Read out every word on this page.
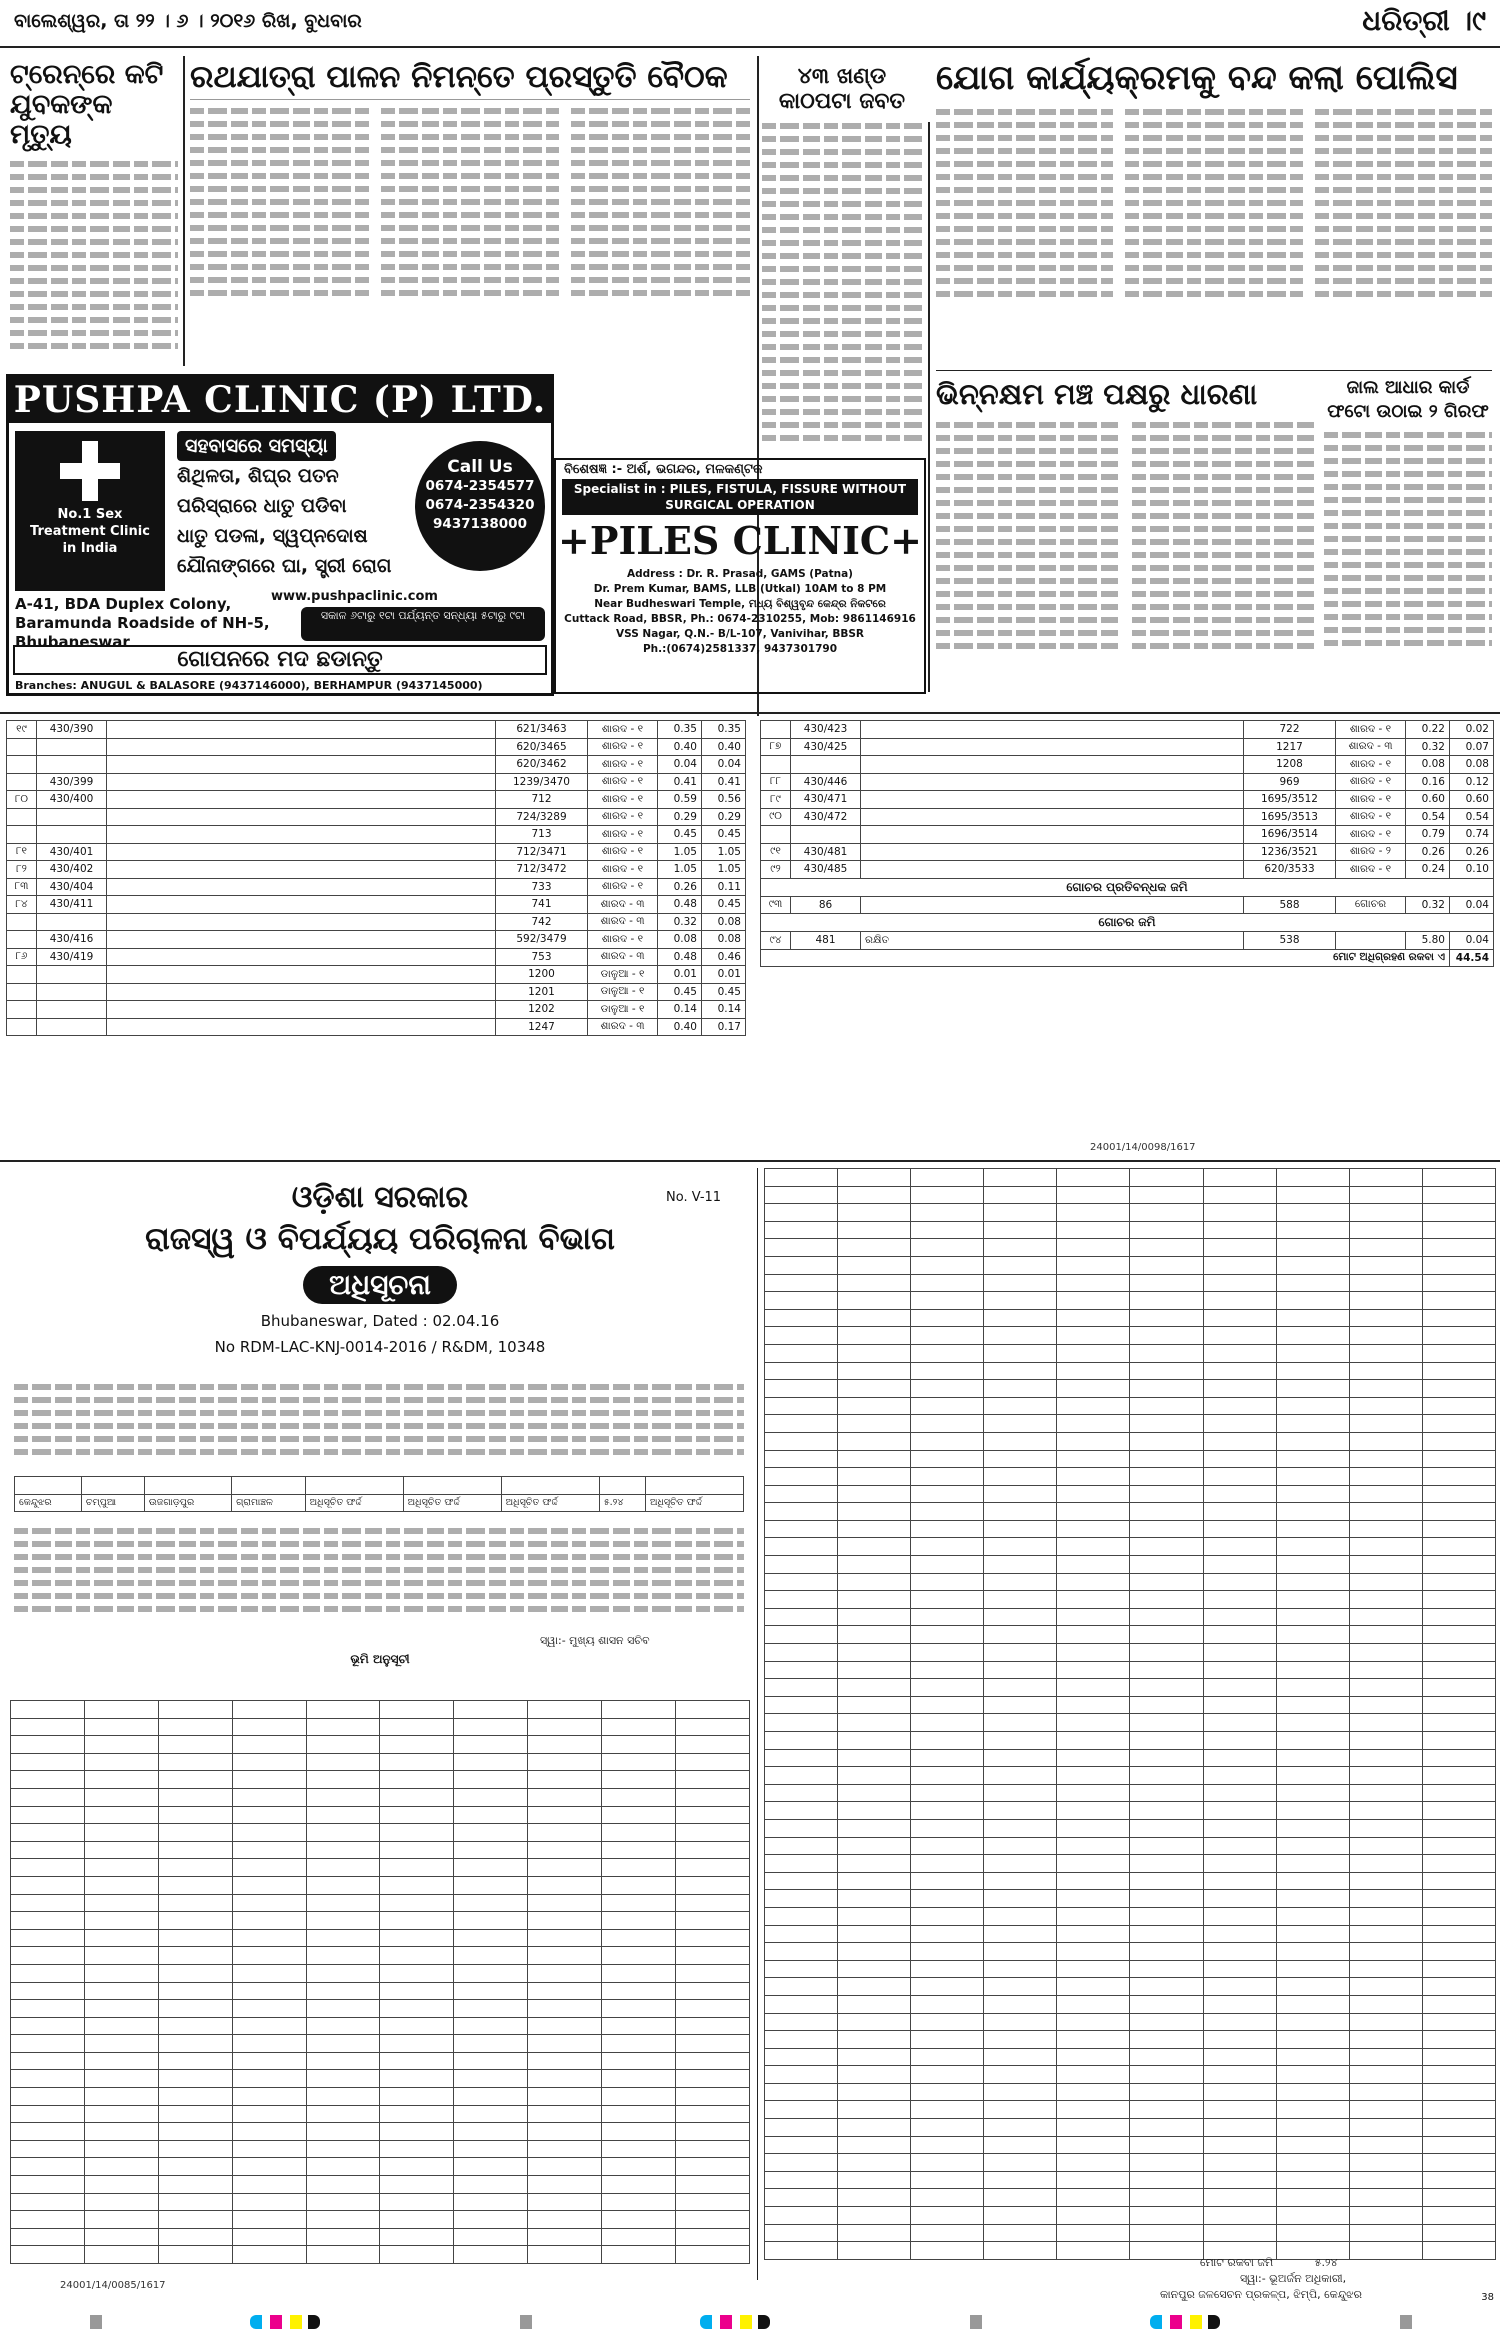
ବାଲେଶ୍ୱର, ତା ୨୨ । ୬ । ୨୦୧୬ ରିଖ, ବୁଧବାର	ଧରିତ୍ରୀ ।୯
ଟ୍ରେନ୍‌ରେ କଟି ଯୁବକଙ୍କ ମୃତ୍ୟୁ
ରଥଯାତ୍ରା ପାଳନ ନିମନ୍ତେ ପ୍ରସ୍ତୁତି ବୈଠକ	୪୩ ଖଣ୍ଡ
କାଠପଟା ଜବତ
ଯୋଗ କାର୍ଯ୍ୟକ୍ରମକୁ ବନ୍ଦ କଲା ପୋଲିସ
ଭିନ୍ନକ୍ଷମ ମଞ୍ଚ ପକ୍ଷରୁ ଧାରଣା	ଜାଲ ଆଧାର କାର୍ଡ
ଫଟୋ ଉଠାଇ ୨ ଗିରଫ
PUSHPA CLINIC (P) LTD.
No.1 Sex Treatment Clinic in India
ସହବାସରେ ସମସ୍ୟା
ଶିଥିଳତା, ଶିଘ୍ର ପତନ
ପରିସ୍ରାରେ ଧାତୁ ପଡିବା
ଧାତୁ ପଡଳା, ସ୍ୱପ୍ନଦୋଷ
ଯୌନାଙ୍ଗରେ ଘା, ସ୍ତ୍ରୀ ରୋଗ
Call Us
0674-2354577
0674-2354320
9437138000
www.pushpaclinic.com
A-41, BDA Duplex Colony, Baramunda Roadside of NH-5, Bhubaneswar
ସକାଳ ୬ଟାରୁ ୧ଟା ପର୍ଯ୍ୟନ୍ତ ସନ୍ଧ୍ୟା ୫ଟାରୁ ୯ଟା
ଗୋପନରେ ମଦ ଛଡାନ୍ତୁ
Branches: ANUGUL & BALASORE (9437146000), BERHAMPUR (9437145000)
ବିଶେଷଜ୍ଞ :- ଅର୍ଶ, ଭଗନ୍ଦର, ମଳକଣ୍ଟକ
Specialist in : PILES, FISTULA, FISSURE WITHOUT SURGICAL OPERATION
+PILES CLINIC+
Address : Dr. R. Prasad, GAMS (Patna)
Dr. Prem Kumar, BAMS, LLB (Utkal) 10AM to 8 PM
Near Budheswari Temple, ମଧ୍ୟ ବିଶ୍ୱବୃନ୍ଦ କେନ୍ଦ୍ର ନିକଟରେ
Cuttack Road, BBSR, Ph.: 0674-2310255, Mob: 9861146916
VSS Nagar, Q.N.- B/L-107, Vanivihar, BBSR
Ph.:(0674)2581337, 9437301790
୧୯	430/390		621/3463	ଶାରଦ - ୧	0.35	0.35
			620/3465	ଶାରଦ - ୧	0.40	0.40
			620/3462	ଶାରଦ - ୧	0.04	0.04
	430/399		1239/3470	ଶାରଦ - ୧	0.41	0.41
୮୦	430/400		712	ଶାରଦ - ୧	0.59	0.56
			724/3289	ଶାରଦ - ୧	0.29	0.29
			713	ଶାରଦ - ୧	0.45	0.45
୮୧	430/401		712/3471	ଶାରଦ - ୧	1.05	1.05
୮୨	430/402		712/3472	ଶାରଦ - ୧	1.05	1.05
୮୩	430/404		733	ଶାରଦ - ୧	0.26	0.11
୮୪	430/411		741	ଶାରଦ - ୩	0.48	0.45
			742	ଶାରଦ - ୩	0.32	0.08
	430/416		592/3479	ଶାରଦ - ୧	0.08	0.08
୮୬	430/419		753	ଶାରଦ - ୩	0.48	0.46
			1200	ଡାଳୁଆ - ୧	0.01	0.01
			1201	ଡାଳୁଆ - ୧	0.45	0.45
			1202	ଡାଳୁଆ - ୧	0.14	0.14
			1247	ଶାରଦ - ୩	0.40	0.17
	430/423		722	ଶାରଦ - ୧	0.22	0.02
୮୭	430/425		1217	ଶାରଦ - ୩	0.32	0.07
			1208	ଶାରଦ - ୧	0.08	0.08
୮୮	430/446		969	ଶାରଦ - ୧	0.16	0.12
୮୯	430/471		1695/3512	ଶାରଦ - ୧	0.60	0.60
୯୦	430/472		1695/3513	ଶାରଦ - ୧	0.54	0.54
			1696/3514	ଶାରଦ - ୧	0.79	0.74
୯୧	430/481		1236/3521	ଶାରଦ - ୨	0.26	0.26
୯୨	430/485		620/3533	ଶାରଦ - ୧	0.24	0.10
ଗୋଚର ପ୍ରତିବନ୍ଧକ ଜମି						
୯୩	86		588	ଗୋଚର	0.32	0.04
ଗୋଚର ଜମି						
୯୪	481	ରକ୍ଷିତ	538		5.80	0.04
ମୋଟ ଅଧିଗ୍ରହଣ ରକବା ଏ						44.54
24001/14/0098/1617
ଓଡ଼ିଶା ସରକାର
ରାଜସ୍ୱ ଓ ବିପର୍ଯ୍ୟୟ ପରିଚାଳନା ବିଭାଗ
ଅଧିସୂଚନା
Bhubaneswar, Dated : 02.04.16
No RDM-LAC-KNJ-0014-2016 / R&DM, 10348
No. V-11

କେନ୍ଦୁଝର	ଚମ୍ପୁଆ	ଉଜଗାଡ଼ପୁର	ଗ୍ରାମାଞ୍ଚଳ	ଅଧିସୂଚିତ ଫର୍ଦ୍ଦ	ଅଧିସୂଚିତ ଫର୍ଦ୍ଦ	ଅଧିସୂଚିତ ଫର୍ଦ୍ଦ	୫.୨୪	ଅଧିସୂଚିତ ଫର୍ଦ୍ଦ
ସ୍ୱା:- ମୁଖ୍ୟ ଶାସନ ସଚିବ
ଭୂମି ଅନୁସୂଚୀ

ମୋଟ ରକବା ଜମି	୫.୨୪
ସ୍ୱା:- ଭୂଅର୍ଜନ ଅଧିକାରୀ,
କାନପୁର ଜଳସେଚନ ପ୍ରକଳ୍ପ, ଝିମ୍ପି, କେନ୍ଦୁଝର
24001/14/0085/1617
38
